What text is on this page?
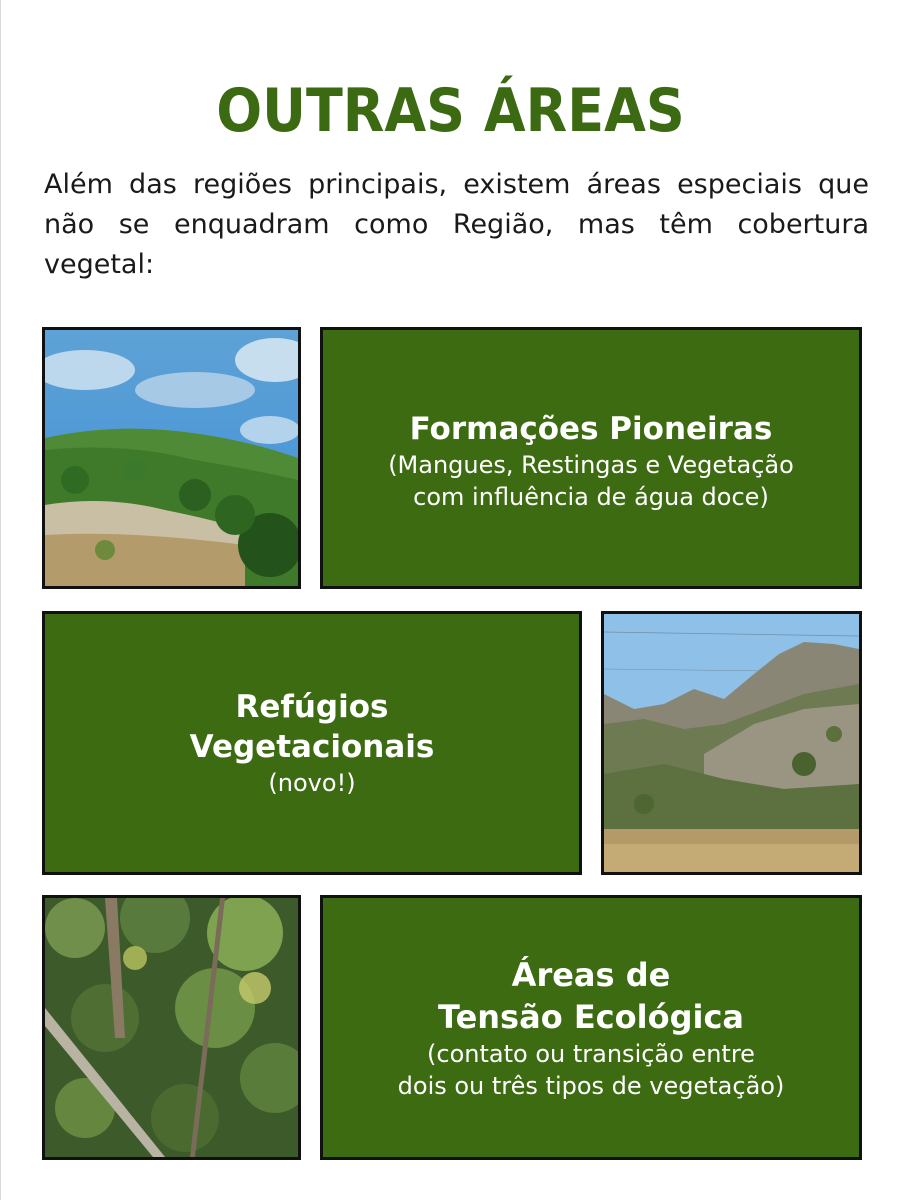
OUTRAS ÁREAS
Além das regiões principais, existem áreas especiais que não se enquadram como Região, mas têm cobertura vegetal:
Formações Pioneiras
(Mangues, Restingas e Vegetação
com influência de água doce)
Refúgios
Vegetacionais
(novo!)
Áreas de
Tensão Ecológica
(contato ou transição entre
dois ou três tipos de vegetação)
